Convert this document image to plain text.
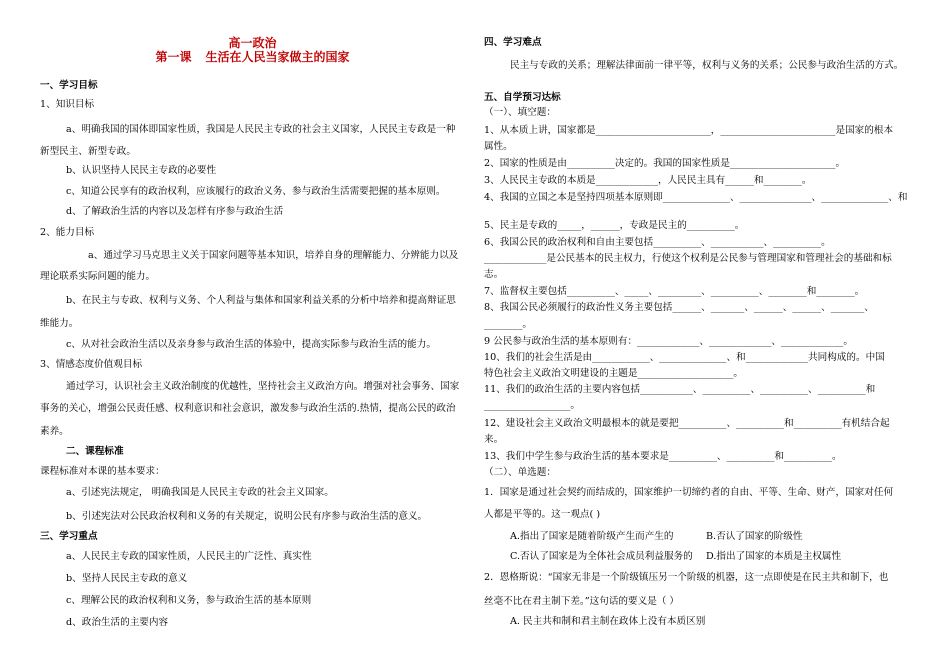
高一政治
第一课 生活在人民当家做主的国家
一、学习目标
1、知识目标
a、明确我国的国体即国家性质，我国是人民民主专政的社会主义国家，人民民主专政是一种
新型民主、新型专政。
b、认识坚持人民民主专政的必要性
c、知道公民享有的政治权利，应该履行的政治义务、参与政治生活需要把握的基本原则。
d、了解政治生活的内容以及怎样有序参与政治生活
2、能力目标
a、通过学习马克思主义关于国家问题等基本知识，培养自身的理解能力、分辨能力以及
理论联系实际问题的能力。
b、在民主与专政、权利与义务、个人利益与集体和国家利益关系的分析中培养和提高辩证思
维能力。
c、从对社会政治生活以及亲身参与政治生活的体验中，提高实际参与政治生活的能力。
3、情感态度价值观目标
通过学习，认识社会主义政治制度的优越性，坚持社会主义政治方向。增强对社会事务、国家
事务的关心，增强公民责任感、权利意识和社会意识，激发参与政治生活的.热情，提高公民的政治
素养。
二、课程标准
课程标准对本课的基本要求：
a、引述宪法规定， 明确我国是人民民主专政的社会主义国家。
b、引述宪法对公民政治权利和义务的有关规定，说明公民有序参与政治生活的意义。
三、学习重点
a、人民民主专政的国家性质，人民民主的广泛性、真实性
b、坚持人民民主专政的意义
c、理解公民的政治权利和义务，参与政治生活的基本原则
d、政治生活的主要内容
四、学习难点
民主与专政的关系；理解法律面前一律平等，权利与义务的关系；公民参与政治生活的方式。
五、自学预习达标
（一）、填空题：
1、从本质上讲，国家都是________________________，________________________是国家的根本
属性。
2、国家的性质是由__________决定的。我国的国家性质是______________________。
3、人民民主专政的本质是_____________，人民民主具有______和________。
4、我国的立国之本是坚持四项基本原则即______________、_______________、______________、和
5、民主是专政的_____，______，专政是民主的__________。
6、我国公民的政治权利和自由主要包括__________、___________、__________。
_____________是公民基本的民主权力，行使这个权利是公民参与管理国家和管理社会的基础和标
志。
7、监督权主要包括__________、_____、_________、__________、________和________。
8、我国公民必须履行的政治性义务主要包括______、_______、______、______、_______、
________。
9 公民参与政治生活的基本原则有：_____________、_____________、_____________。
10、我们的社会生活是由____________、______________、和_____________共同构成的。中国
特色社会主义政治文明建设的主题是____________________。
11、我们的政治生活的主要内容包括___________、__________、__________、__________和
__________________。
12、建设社会主义政治文明最根本的就是要把__________、__________和__________有机结合起
来。
13、我们中学生参与政治生活的基本要求是__________、__________和__________。
（二）、单选题：
1．国家是通过社会契约而结成的，国家维护一切缔约者的自由、平等、生命、财产，国家对任何
人都是平等的。这一观点( )
A.指出了国家是随着阶级产生而产生的	B.否认了国家的阶级性
C.否认了国家是为全体社会成员利益服务的 D.指出了国家的本质是主权属性
2．恩格斯说：“国家无非是一个阶级镇压另一个阶级的机器，这一点即使是在民主共和制下，也
丝毫不比在君主制下差。”这句话的要义是（ ）
A. 民主共和制和君主制在政体上没有本质区别
